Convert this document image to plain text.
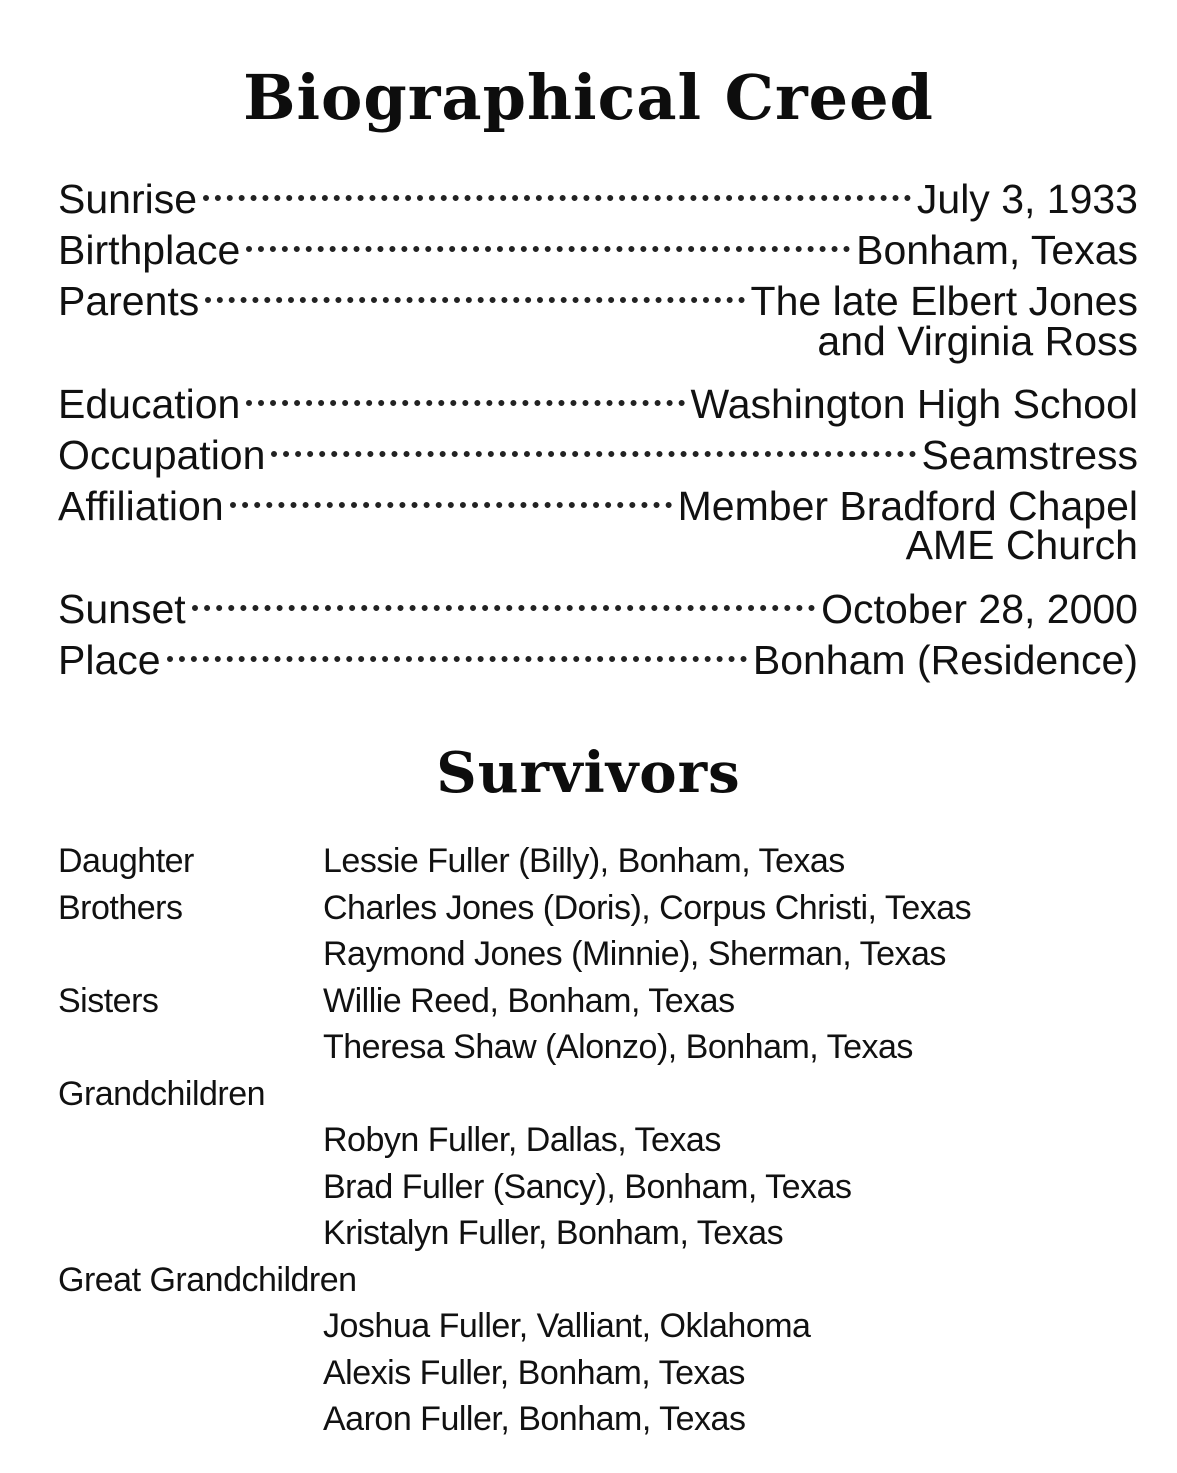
Biographical Creed
Sunrise	July 3, 1933
Birthplace	Bonham, Texas
Parents	The late Elbert Jones
and Virginia Ross
Education	Washington High School
Occupation	Seamstress
Affiliation	Member Bradford Chapel
AME Church
Sunset	October 28, 2000
Place	Bonham (Residence)
Survivors
Daughter	Lessie Fuller (Billy), Bonham, Texas
Brothers	Charles Jones (Doris), Corpus Christi, Texas
Raymond Jones (Minnie), Sherman, Texas
Sisters	Willie Reed, Bonham, Texas
Theresa Shaw (Alonzo), Bonham, Texas
Grandchildren
Robyn Fuller, Dallas, Texas
Brad Fuller (Sancy), Bonham, Texas
Kristalyn Fuller, Bonham, Texas
Great Grandchildren
Joshua Fuller, Valliant, Oklahoma
Alexis Fuller, Bonham, Texas
Aaron Fuller, Bonham, Texas
